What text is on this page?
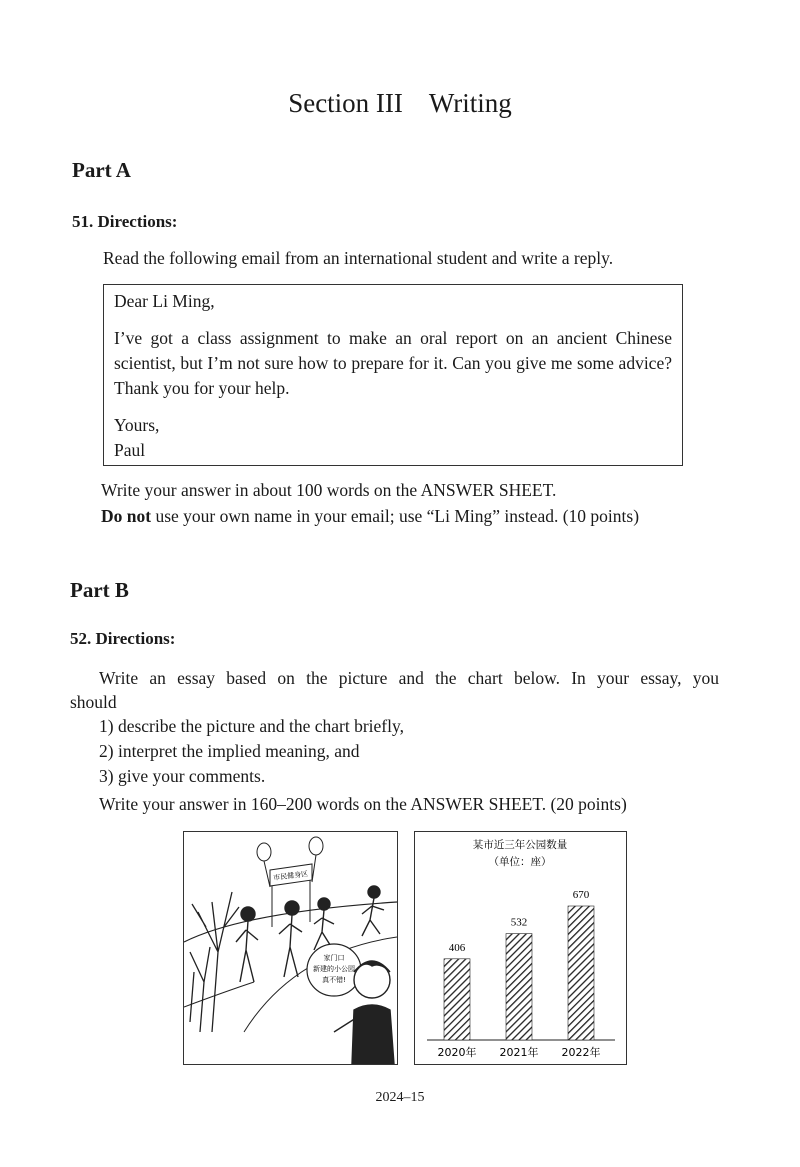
Section III Writing
Part A
51. Directions:
Read the following email from an international student and write a reply.

Dear Li Ming,

I’ve got a class assignment to make an oral report on an ancient Chinese scientist, but I’m not sure how to prepare for it. Can you give me some advice? Thank you for your help.

Yours,

Paul

Write your answer in about 100 words on the ANSWER SHEET.
Do not use your own name in your email; use “Li Ming” instead. (10 points)
Part B
52. Directions:
Write an essay based on the picture and the chart below. In your essay, you
should
1) describe the picture and the chart briefly,
2) interpret the implied meaning, and
3) give your comments.
Write your answer in 160–200 words on the ANSWER SHEET. (20 points)
市民健身区
家门口
新建的小公园
真不错!
某市近三年公园数量
（单位：座）
406
2020年
532
2021年
670
2022年
2024–15
